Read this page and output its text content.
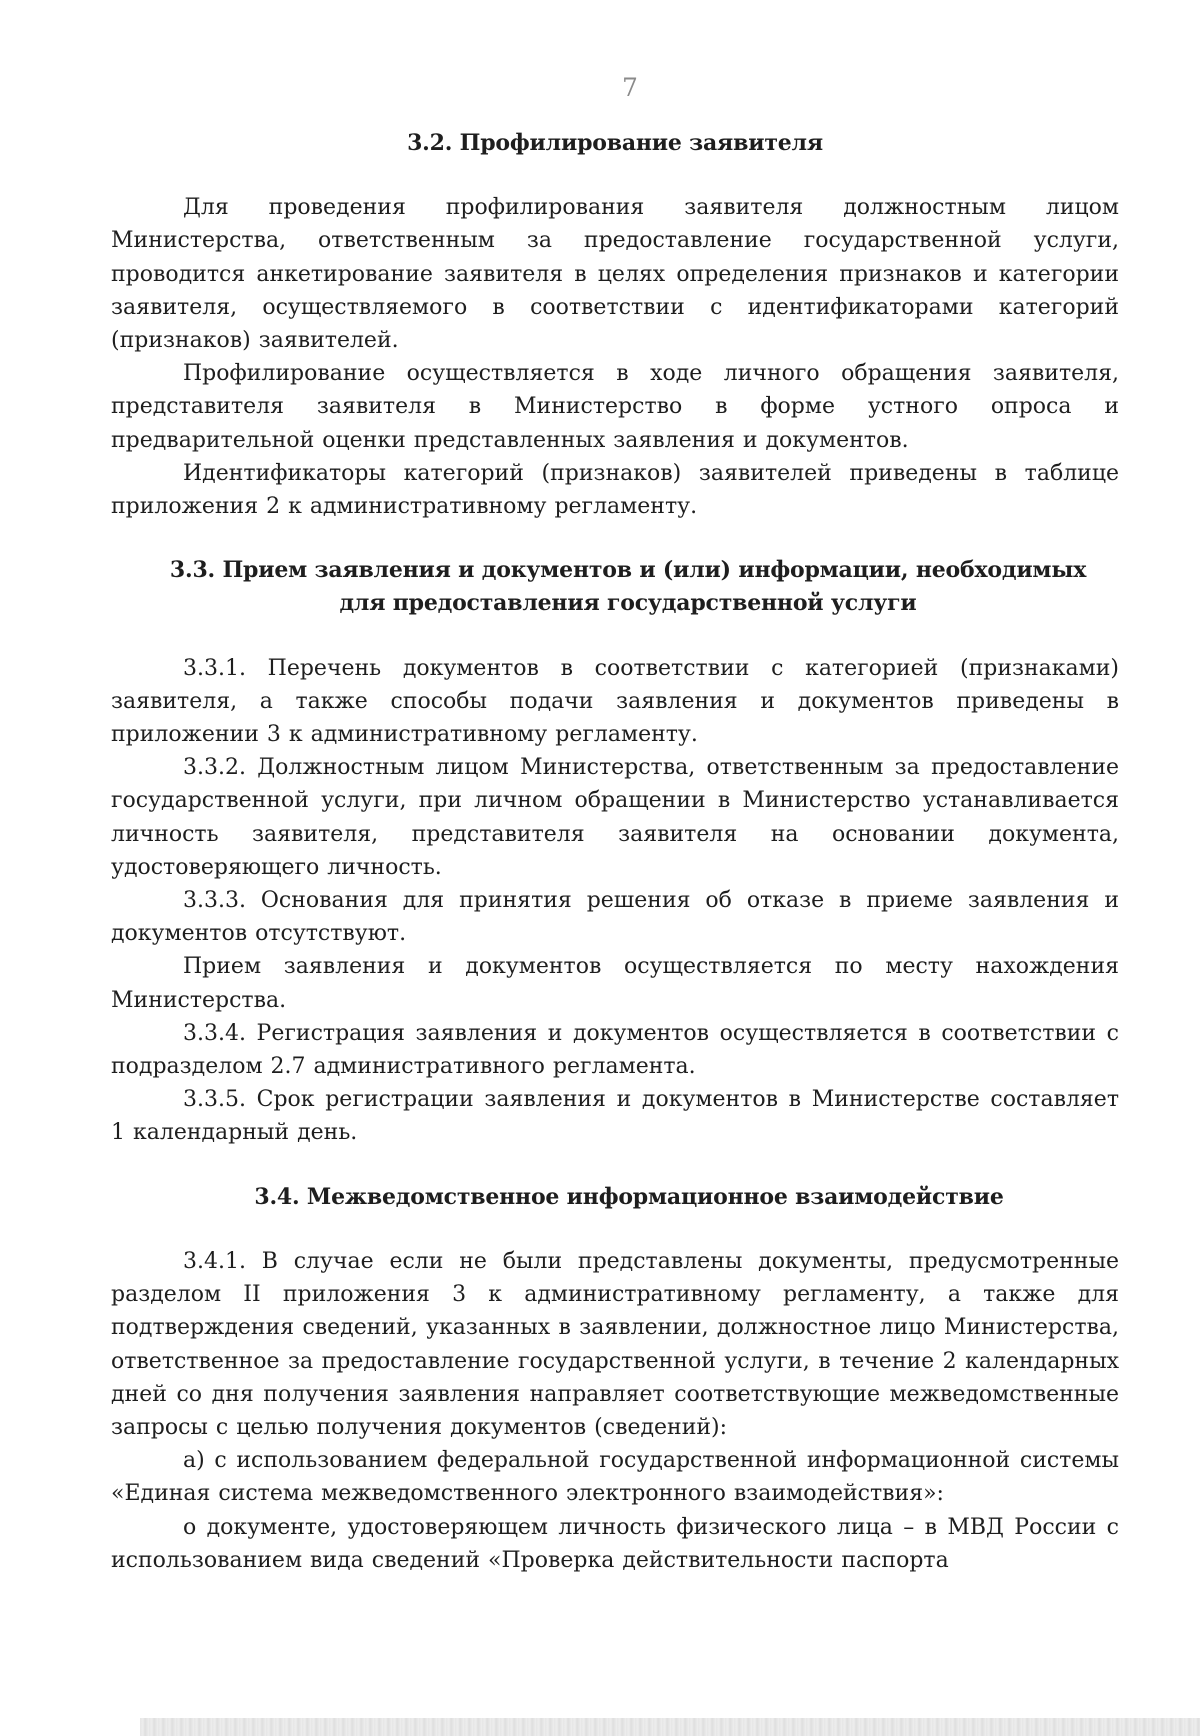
7
3.2. Профилирование заявителя

Для проведения профилирования заявителя должностным лицом Министерства, ответственным за предоставление государственной услуги, проводится анкетирование заявителя в целях определения признаков и категории заявителя, осуществляемого в соответствии с идентификаторами категорий (признаков) заявителей.

Профилирование осуществляется в ходе личного обращения заявителя, представителя заявителя в Министерство в форме устного опроса и предварительной оценки представленных заявления и документов.

Идентификаторы категорий (признаков) заявителей приведены в таблице приложения 2 к административному регламенту.

3.3. Прием заявления и документов и (или) информации, необходимых
для предоставления государственной услуги

3.3.1. Перечень документов в соответствии с категорией (признаками) заявителя, а также способы подачи заявления и документов приведены в приложении 3 к административному регламенту.

3.3.2. Должностным лицом Министерства, ответственным за предоставление государственной услуги, при личном обращении в Министерство устанавливается личность заявителя, представителя заявителя на основании документа, удостоверяющего личность.

3.3.3. Основания для принятия решения об отказе в приеме заявления и документов отсутствуют.

Прием заявления и документов осуществляется по месту нахождения Министерства.

3.3.4. Регистрация заявления и документов осуществляется в соответствии с подразделом 2.7 административного регламента.

3.3.5. Срок регистрации заявления и документов в Министерстве составляет 1 календарный день.

3.4. Межведомственное информационное взаимодействие

3.4.1. В случае если не были представлены документы, предусмотренные разделом II приложения 3 к административному регламенту, а также для подтверждения сведений, указанных в заявлении, должностное лицо Министерства, ответственное за предоставление государственной услуги, в течение 2 календарных дней со дня получения заявления направляет соответствующие межведомственные запросы с целью получения документов (сведений):

а) с использованием федеральной государственной информационной системы «Единая система межведомственного электронного взаимодействия»:

о документе, удостоверяющем личность физического лица – в МВД России с использованием вида сведений «Проверка действительности паспорта
